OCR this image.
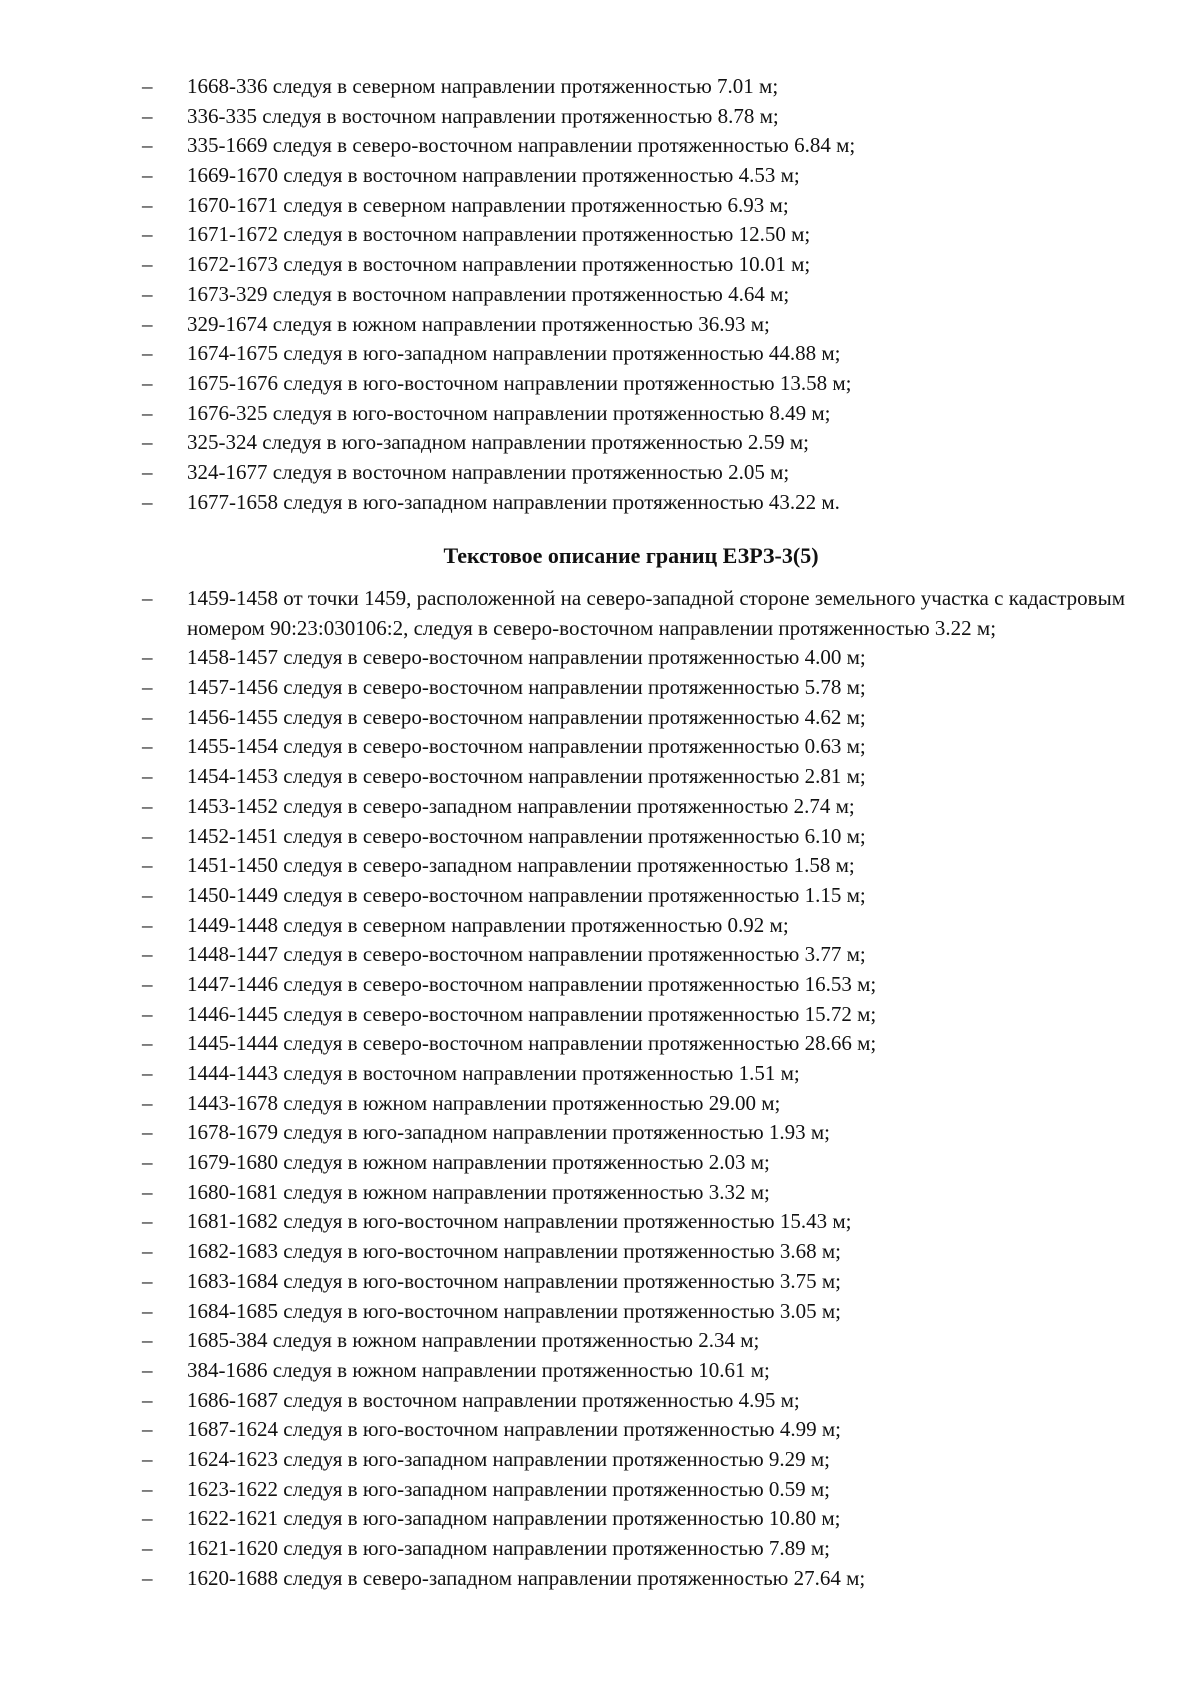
–	1668-336 следуя в северном направлении протяженностью 7.01 м;
–	336-335 следуя в восточном направлении протяженностью 8.78 м;
–	335-1669 следуя в северо-восточном направлении протяженностью 6.84 м;
–	1669-1670 следуя в восточном направлении протяженностью 4.53 м;
–	1670-1671 следуя в северном направлении протяженностью 6.93 м;
–	1671-1672 следуя в восточном направлении протяженностью 12.50 м;
–	1672-1673 следуя в восточном направлении протяженностью 10.01 м;
–	1673-329 следуя в восточном направлении протяженностью 4.64 м;
–	329-1674 следуя в южном направлении протяженностью 36.93 м;
–	1674-1675 следуя в юго-западном направлении протяженностью 44.88 м;
–	1675-1676 следуя в юго-восточном направлении протяженностью 13.58 м;
–	1676-325 следуя в юго-восточном направлении протяженностью 8.49 м;
–	325-324 следуя в юго-западном направлении протяженностью 2.59 м;
–	324-1677 следуя в восточном направлении протяженностью 2.05 м;
–	1677-1658 следуя в юго-западном направлении протяженностью 43.22 м.
Текстовое описание границ ЕЗРЗ-3(5)
–	1459-1458 от точки 1459, расположенной на северо-западной стороне земельного участка с кадастровым номером 90:23:030106:2, следуя в северо-восточном направлении протяженностью 3.22 м;
–	1458-1457 следуя в северо-восточном направлении протяженностью 4.00 м;
–	1457-1456 следуя в северо-восточном направлении протяженностью 5.78 м;
–	1456-1455 следуя в северо-восточном направлении протяженностью 4.62 м;
–	1455-1454 следуя в северо-восточном направлении протяженностью 0.63 м;
–	1454-1453 следуя в северо-восточном направлении протяженностью 2.81 м;
–	1453-1452 следуя в северо-западном направлении протяженностью 2.74 м;
–	1452-1451 следуя в северо-восточном направлении протяженностью 6.10 м;
–	1451-1450 следуя в северо-западном направлении протяженностью 1.58 м;
–	1450-1449 следуя в северо-восточном направлении протяженностью 1.15 м;
–	1449-1448 следуя в северном направлении протяженностью 0.92 м;
–	1448-1447 следуя в северо-восточном направлении протяженностью 3.77 м;
–	1447-1446 следуя в северо-восточном направлении протяженностью 16.53 м;
–	1446-1445 следуя в северо-восточном направлении протяженностью 15.72 м;
–	1445-1444 следуя в северо-восточном направлении протяженностью 28.66 м;
–	1444-1443 следуя в восточном направлении протяженностью 1.51 м;
–	1443-1678 следуя в южном направлении протяженностью 29.00 м;
–	1678-1679 следуя в юго-западном направлении протяженностью 1.93 м;
–	1679-1680 следуя в южном направлении протяженностью 2.03 м;
–	1680-1681 следуя в южном направлении протяженностью 3.32 м;
–	1681-1682 следуя в юго-восточном направлении протяженностью 15.43 м;
–	1682-1683 следуя в юго-восточном направлении протяженностью 3.68 м;
–	1683-1684 следуя в юго-восточном направлении протяженностью 3.75 м;
–	1684-1685 следуя в юго-восточном направлении протяженностью 3.05 м;
–	1685-384 следуя в южном направлении протяженностью 2.34 м;
–	384-1686 следуя в южном направлении протяженностью 10.61 м;
–	1686-1687 следуя в восточном направлении протяженностью 4.95 м;
–	1687-1624 следуя в юго-восточном направлении протяженностью 4.99 м;
–	1624-1623 следуя в юго-западном направлении протяженностью 9.29 м;
–	1623-1622 следуя в юго-западном направлении протяженностью 0.59 м;
–	1622-1621 следуя в юго-западном направлении протяженностью 10.80 м;
–	1621-1620 следуя в юго-западном направлении протяженностью 7.89 м;
–	1620-1688 следуя в северо-западном направлении протяженностью 27.64 м;
